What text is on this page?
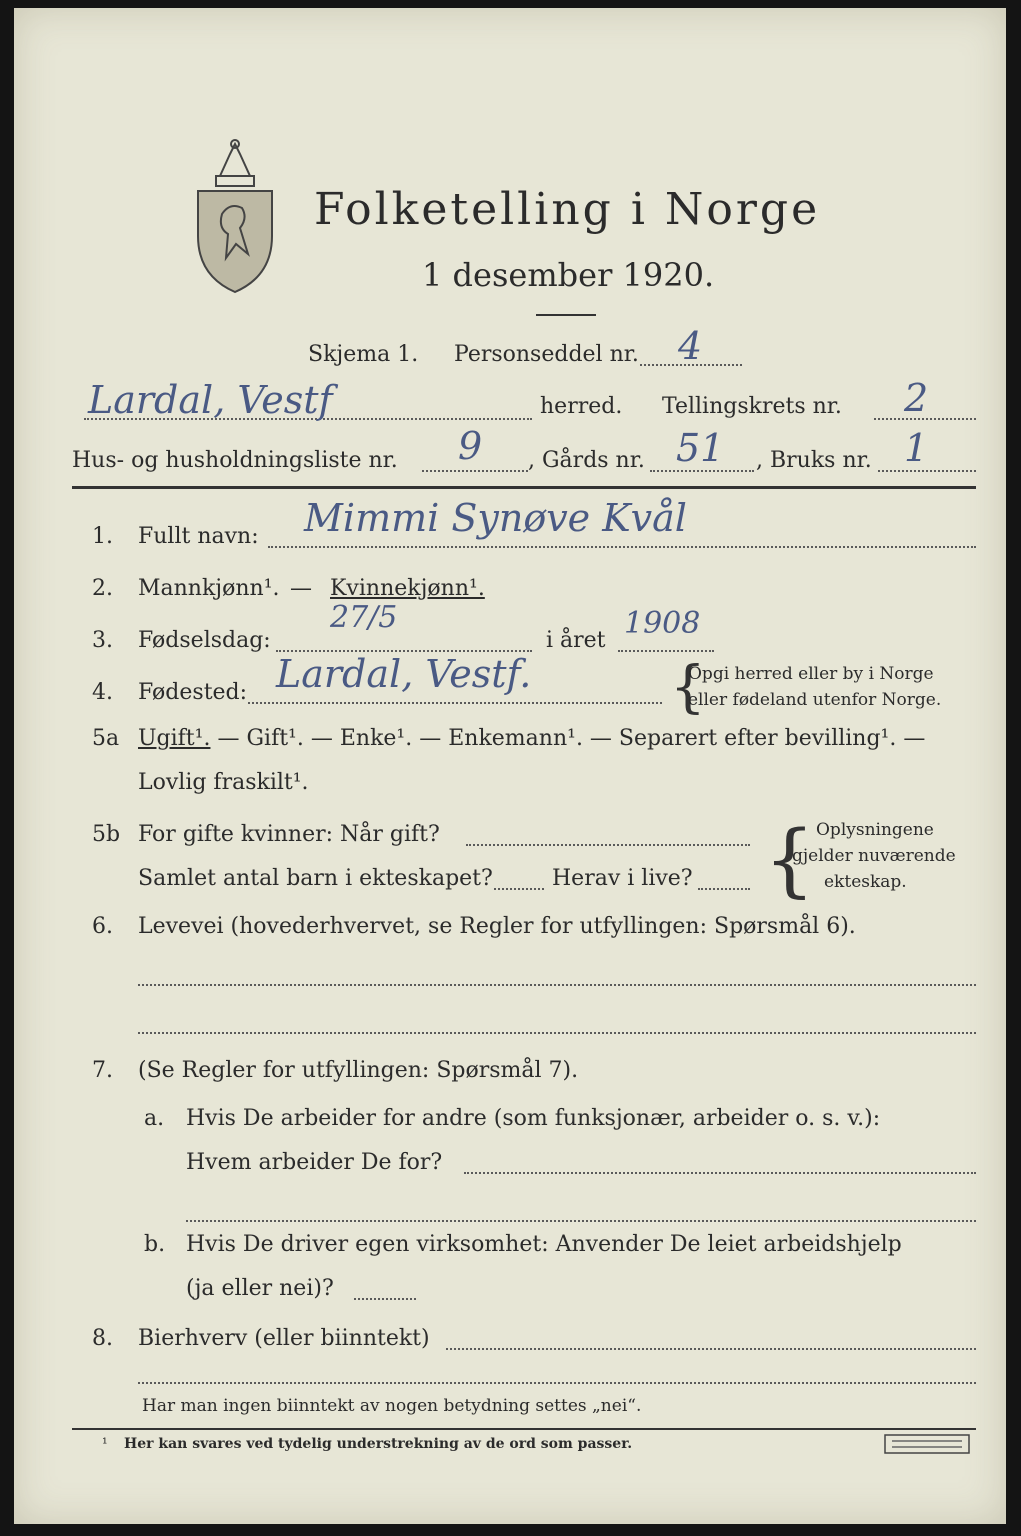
Folketelling i Norge
1 desember 1920.
Skjema 1. Personseddel nr. 4
Lardal, Vestf	herred. Tellingskrets nr. 2
Hus- og husholdningsliste nr. 9 , Gårds nr. 51 , Bruks nr. 1
1.	Fullt navn: Mimmi Synøve Kvål
2.	Mannkjønn¹. — Kvinnekjønn¹.
3.	Fødselsdag:
27/5
i året 1908
4.	Fødested: Lardal, Vestf. {
Opgi herred eller by i Norge
eller fødeland utenfor Norge.
5a Ugift¹. — Gift¹. — Enke¹. — Enkemann¹. — Separert efter bevilling¹. —
Lovlig fraskilt¹.
5b For gifte kvinner: Når gift?
Samlet antal barn i ekteskapet?	Herav i live? { Oplysningene
gjelder nuværende
ekteskap.
6.	Levevei (hovederhvervet, se Regler for utfyllingen: Spørsmål 6).
7.	(Se Regler for utfyllingen: Spørsmål 7).
a. Hvis De arbeider for andre (som funksjonær, arbeider o. s. v.):
Hvem arbeider De for?
b. Hvis De driver egen virksomhet: Anvender De leiet arbeidshjelp
(ja eller nei)?
8.	Bierhverv (eller biinntekt)
Har man ingen biinntekt av nogen betydning settes „nei“.
¹ Her kan svares ved tydelig understrekning av de ord som passer.
